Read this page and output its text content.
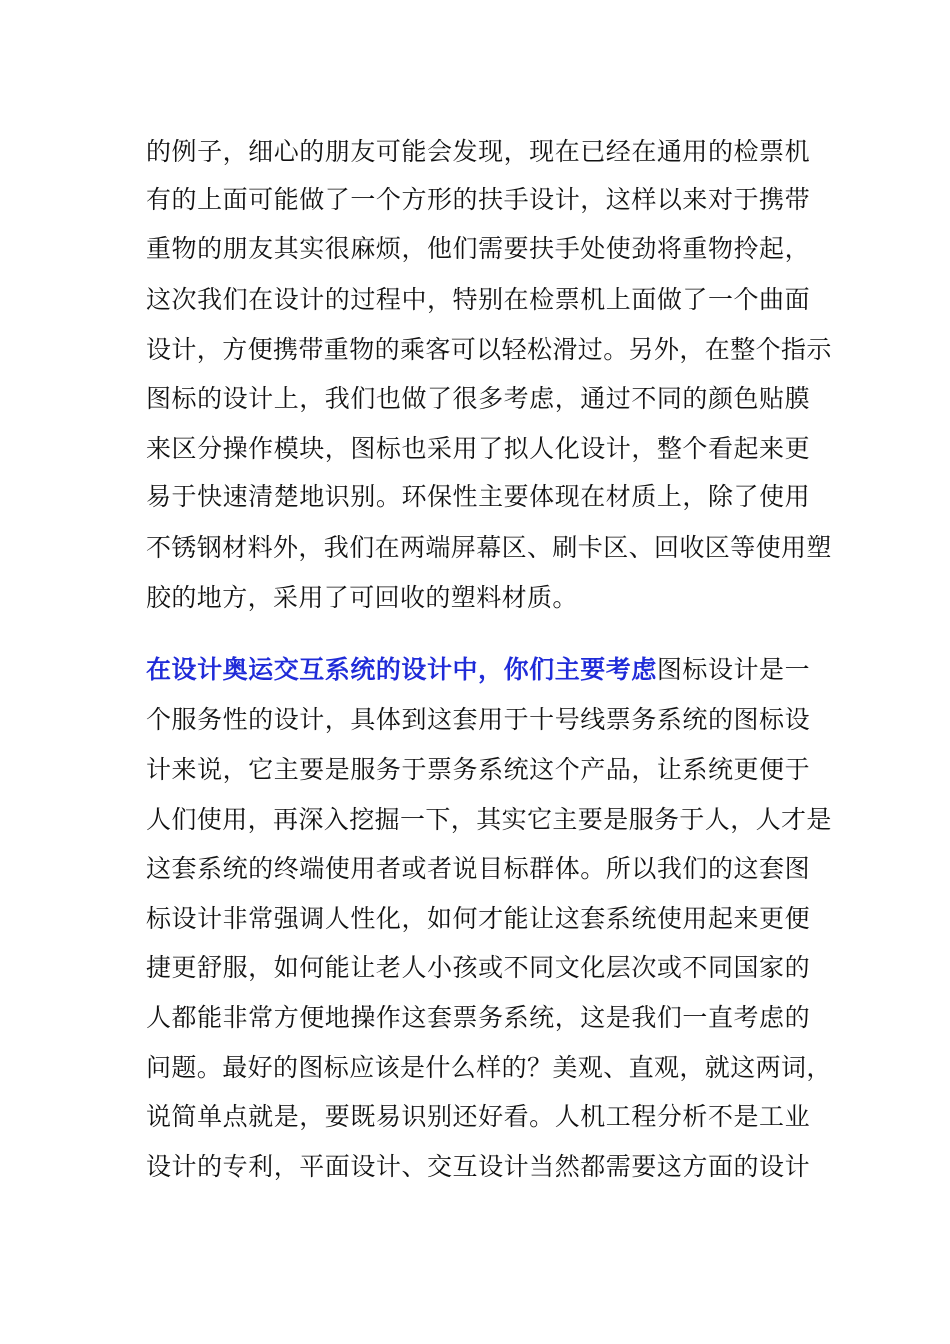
的例子，细心的朋友可能会发现，现在已经在通用的检票机
有的上面可能做了一个方形的扶手设计，这样以来对于携带
重物的朋友其实很麻烦，他们需要扶手处使劲将重物拎起，
这次我们在设计的过程中，特别在检票机上面做了一个曲面
设计，方便携带重物的乘客可以轻松滑过。另外，在整个指示
图标的设计上，我们也做了很多考虑，通过不同的颜色贴膜
来区分操作模块，图标也采用了拟人化设计，整个看起来更
易于快速清楚地识别。环保性主要体现在材质上，除了使用
不锈钢材料外，我们在两端屏幕区、刷卡区、回收区等使用塑
胶的地方，采用了可回收的塑料材质。
在设计奥运交互系统的设计中，你们主要考虑图标设计是一
个服务性的设计，具体到这套用于十号线票务系统的图标设
计来说，它主要是服务于票务系统这个产品，让系统更便于
人们使用，再深入挖掘一下，其实它主要是服务于人，人才是
这套系统的终端使用者或者说目标群体。所以我们的这套图
标设计非常强调人性化，如何才能让这套系统使用起来更便
捷更舒服，如何能让老人小孩或不同文化层次或不同国家的
人都能非常方便地操作这套票务系统，这是我们一直考虑的
问题。最好的图标应该是什么样的？美观、直观，就这两词，
说简单点就是，要既易识别还好看。人机工程分析不是工业
设计的专利，平面设计、交互设计当然都需要这方面的设计
